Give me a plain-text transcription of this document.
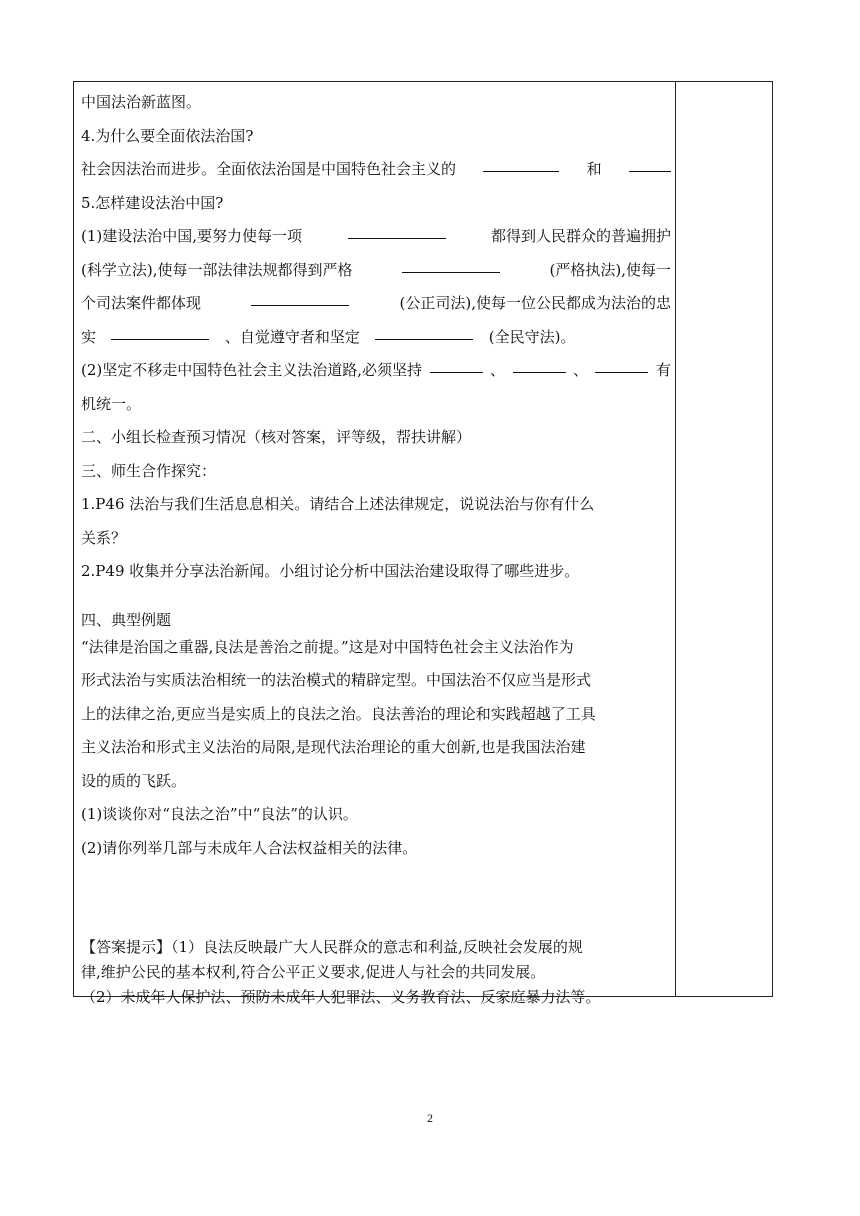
中国法治新蓝图。
4.为什么要全面依法治国?
社会因法治而进步。全面依法治国是中国特色社会主义的	和
5.怎样建设法治中国?
(1)建设法治中国,要努力使每一项	都得到人民群众的普遍拥护
(科学立法),使每一部法律法规都得到严格	(严格执法),使每一
个司法案件都体现	(公正司法),使每一位公民都成为法治的忠
实	、自觉遵守者和坚定	(全民守法)。
(2)坚定不移走中国特色社会主义法治道路,必须坚持	、	、	有
机统一。
二、小组长检查预习情况（核对答案，评等级，帮扶讲解）
三、师生合作探究：
1.P46 法治与我们生活息息相关。请结合上述法律规定，说说法治与你有什么
关系？
2.P49 收集并分享法治新闻。小组讨论分析中国法治建设取得了哪些进步。
四、典型例题
“法律是治国之重器,良法是善治之前提。”这是对中国特色社会主义法治作为
形式法治与实质法治相统一的法治模式的精辟定型。中国法治不仅应当是形式
上的法律之治,更应当是实质上的良法之治。良法善治的理论和实践超越了工具
主义法治和形式主义法治的局限,是现代法治理论的重大创新,也是我国法治建
设的质的飞跃。
(1)谈谈你对“良法之治”中“良法”的认识。
(2)请你列举几部与未成年人合法权益相关的法律。
【答案提示】（1）良法反映最广大人民群众的意志和利益,反映社会发展的规
律,维护公民的基本权利,符合公平正义要求,促进人与社会的共同发展。
（2）未成年人保护法、预防未成年人犯罪法、义务教育法、反家庭暴力法等。
2
